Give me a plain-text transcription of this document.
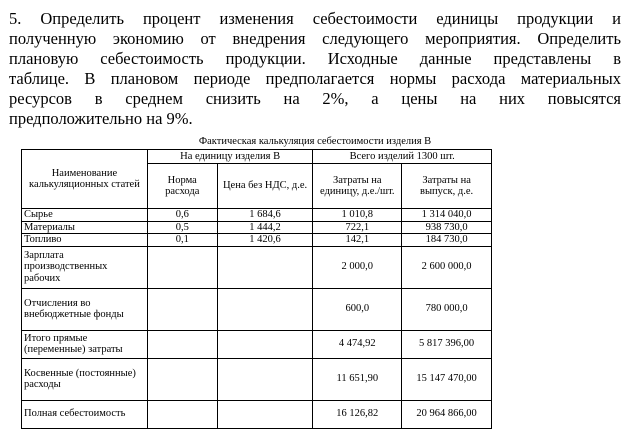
5. Определить процент изменения себестоимости единицы продукции и
полученную экономию от внедрения следующего мероприятия. Определить
плановую себестоимость продукции. Исходные данные представлены в
таблице. В плановом периоде предполагается нормы расхода материальных
ресурсов в среднем снизить на 2%, а цены на них повысятся
предположительно на 9%.
Фактическая калькуляция себестоимости изделия В
Наименование калькуляционных статей	На единицу изделия В		Всего изделий 1300 шт.	
	Норма расхода	Цена без НДС, д.е.	Затраты на единицу, д.е./шт.	Затраты на выпуск, д.е.
Сырье	0,6	1 684,6	1 010,8	1 314 040,0
Материалы	0,5	1 444,2	722,1	938 730,0
Топливо	0,1	1 420,6	142,1	184 730,0
Зарплата производственных рабочих			2 000,0	2 600 000,0
Отчисления во внебюджетные фонды			600,0	780 000,0
Итого прямые (переменные) затраты			4 474,92	5 817 396,00
Косвенные (постоянные) расходы			11 651,90	15 147 470,00
Полная себестоимость			16 126,82	20 964 866,00
